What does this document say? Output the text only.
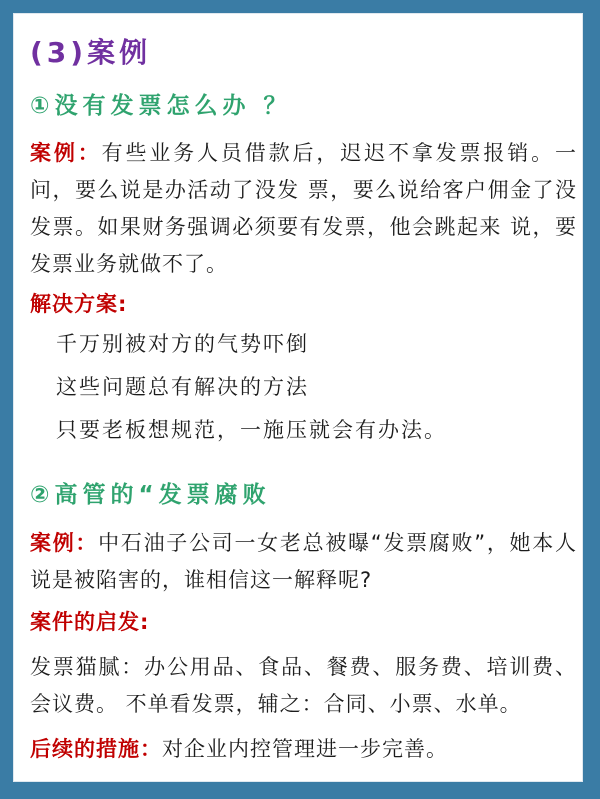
(3)案例
①没有发票怎么办 ？

案例：有些业务人员借款后，迟迟不拿发票报销。一问，要么说是办活动了没发 票，要么说给客户佣金了没发票。如果财务强调必须要有发票，他会跳起来 说，要发票业务就做不了。

解决方案:

千万别被对方的气势吓倒

这些问题总有解决的方法

只要老板想规范，一施压就会有办法。

②高管的“发票腐败

案例：中石油子公司一女老总被曝“发票腐败”，她本人说是被陷害的，谁相信这一解释呢?

案件的启发:

发票猫腻：办公用品、食品、餐费、服务费、培训费、会议费。 不单看发票，辅之：合同、小票、水单。

后续的措施：对企业内控管理进一步完善。
